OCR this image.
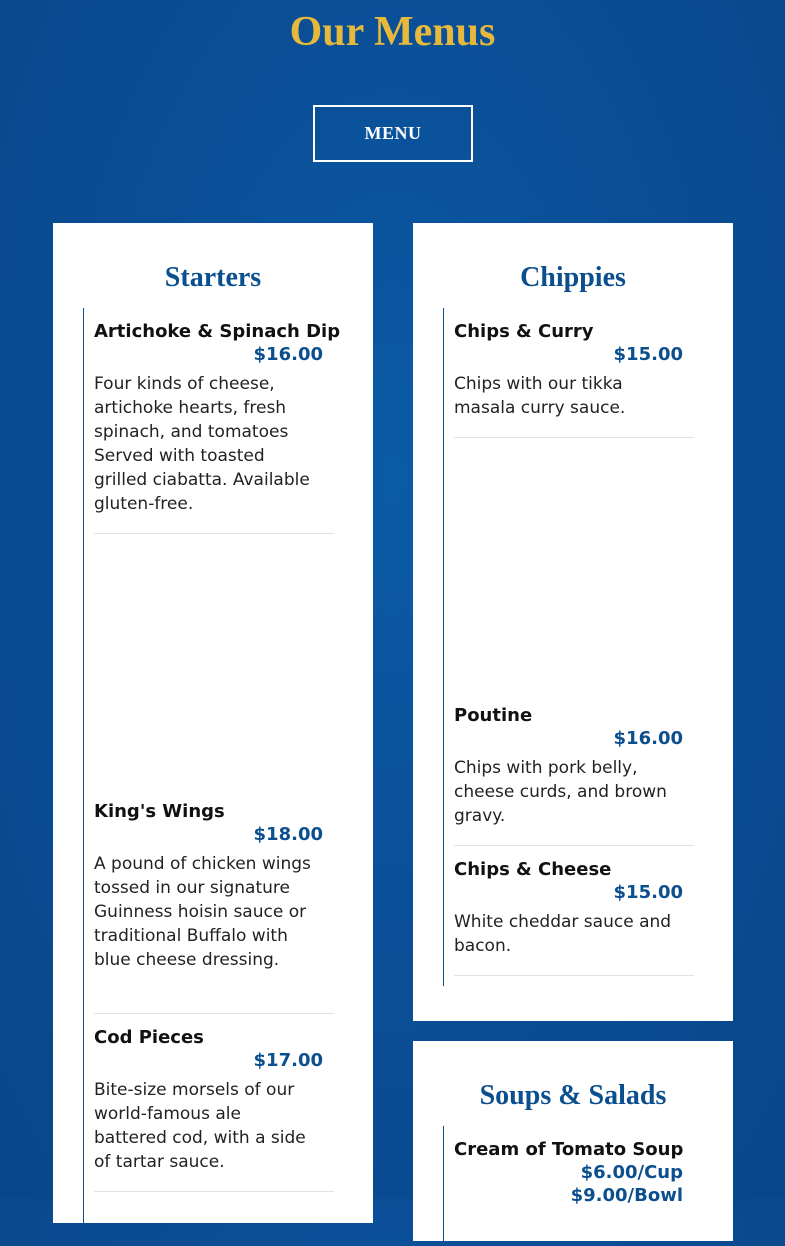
Our Menus
MENU
Starters
Artichoke & Spinach Dip
$16.00
Four kinds of cheese, artichoke hearts, fresh spinach, and tomatoes Served with toasted grilled ciabatta. Available gluten-free.
King's Wings
$18.00
A pound of chicken wings tossed in our signature Guinness hoisin sauce or traditional Buffalo with blue cheese dressing.
Cod Pieces
$17.00
Bite-size morsels of our world-famous ale battered cod, with a side of tartar sauce.
Chippies
Chips & Curry
$15.00
Chips with our tikka masala curry sauce.
Poutine
$16.00
Chips with pork belly, cheese curds, and brown gravy.
Chips & Cheese
$15.00
White cheddar sauce and bacon.
Soups & Salads
Cream of Tomato Soup
$6.00/Cup
$9.00/Bowl
